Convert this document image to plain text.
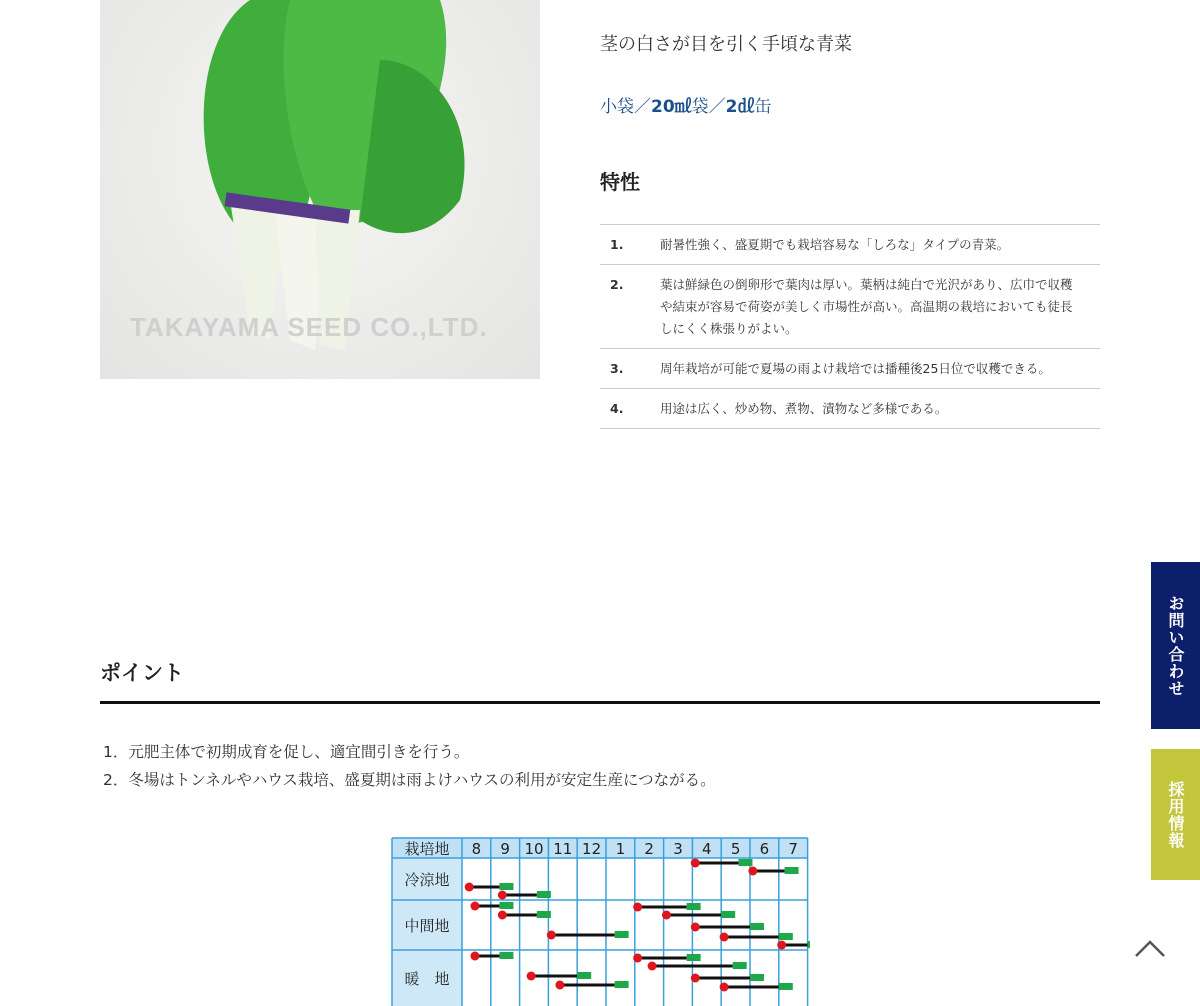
TAKAYAMA SEED CO.,LTD.
茎の白さが目を引く手頃な青菜
小袋／20㎖袋／2㎗缶
特性
1.	耐暑性強く、盛夏期でも栽培容易な「しろな」タイプの青菜。
2.	葉は鮮緑色の倒卵形で葉肉は厚い。葉柄は純白で光沢があり、広巾で収穫や結束が容易で荷姿が美しく市場性が高い。高温期の栽培においても徒長しにくく株張りがよい。
3.	周年栽培が可能で夏場の雨よけ栽培では播種後25日位で収穫できる。
4.	用途は広く、炒め物、煮物、漬物など多様である。
ポイント
1．元肥主体で初期成育を促し、適宜間引きを行う。
2．冬場はトンネルやハウス栽培、盛夏期は雨よけハウスの利用が安定生産につながる。
栽培地 8 9 10 11 12 1 2 3 4 5 6 7
冷涼地
中間地
暖　地
お問い合わせ
採用情報
